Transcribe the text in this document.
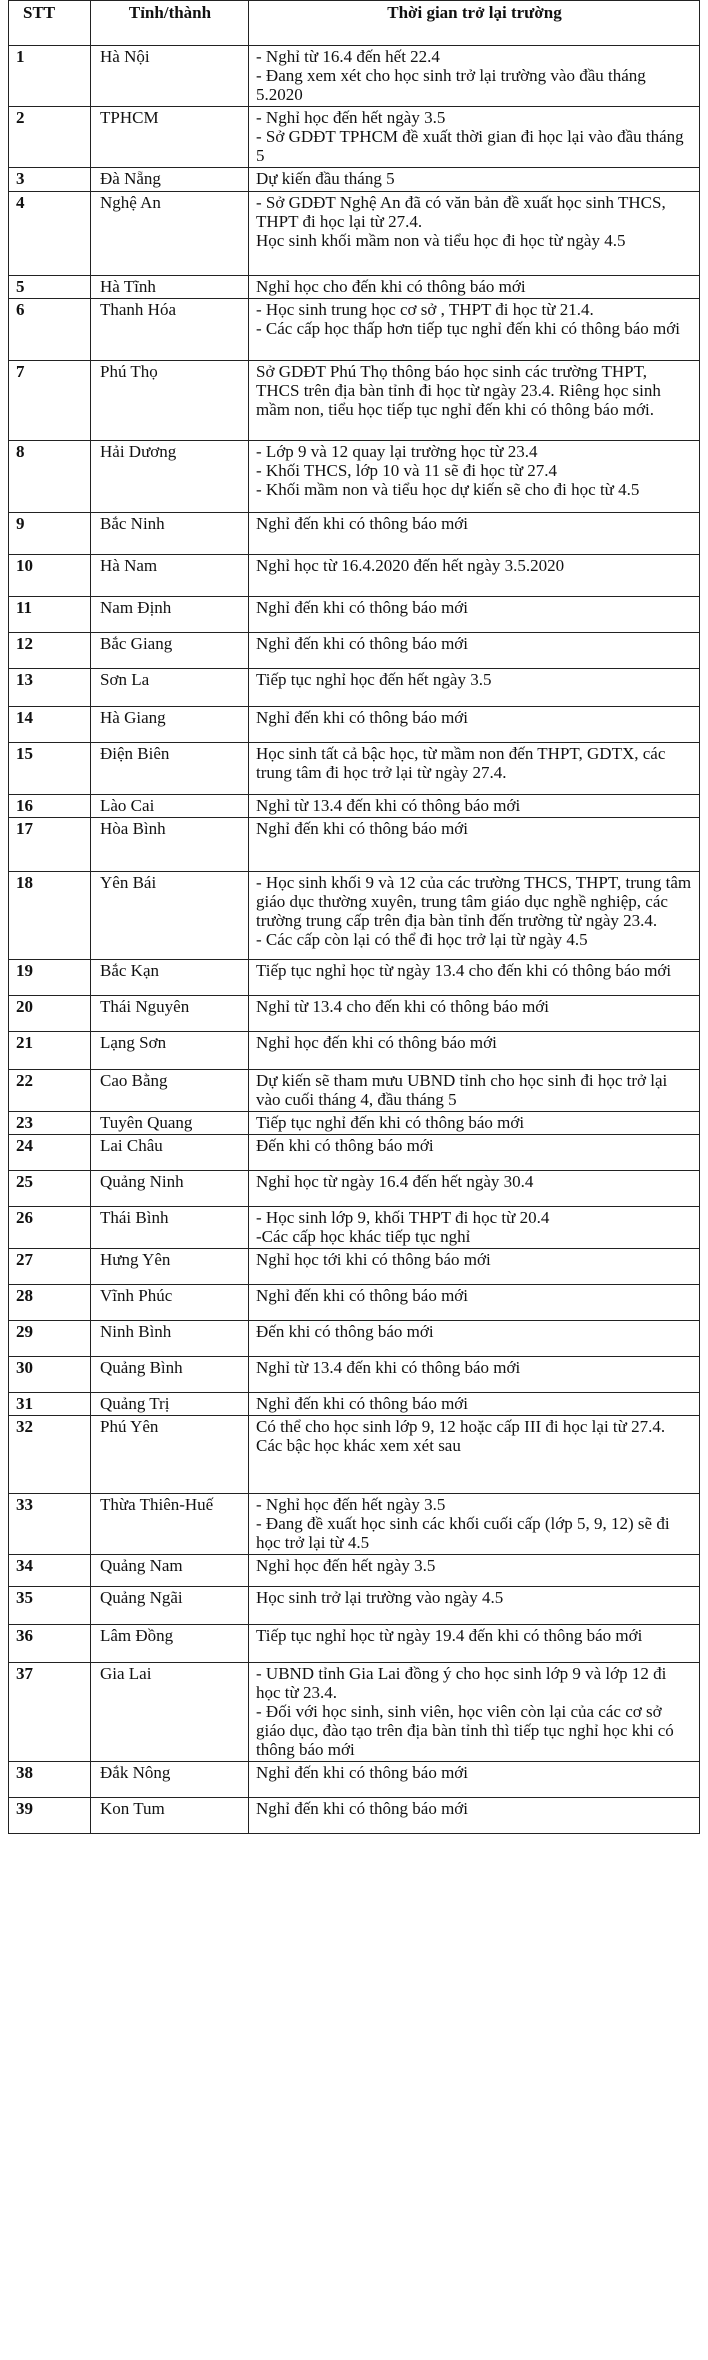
STT	Tỉnh/thành	Thời gian trở lại trường
1	Hà Nội	- Nghỉ từ 16.4 đến hết 22.4
- Đang xem xét cho học sinh trở lại trường vào đầu tháng 5.2020

2	TPHCM	- Nghỉ học đến hết ngày 3.5
- Sở GDĐT TPHCM đề xuất thời gian đi học lại vào đầu tháng 5

3	Đà Nẵng	Dự kiến đầu tháng 5

4	Nghệ An	- Sở GDĐT Nghệ An đã có văn bản đề xuất học sinh THCS, THPT đi học lại từ 27.4.
Học sinh khối mầm non và tiểu học đi học từ ngày 4.5

5	Hà Tĩnh	Nghỉ học cho đến khi có thông báo mới

6	Thanh Hóa	- Học sinh trung học cơ sở , THPT đi học từ 21.4.
- Các cấp học thấp hơn tiếp tục nghỉ đến khi có thông báo mới

7	Phú Thọ	Sở GDĐT Phú Thọ thông báo học sinh các trường THPT, THCS trên địa bàn tỉnh đi học từ ngày 23.4. Riêng học sinh mầm non, tiểu học tiếp tục nghỉ đến khi có thông báo mới.

8	Hải Dương	- Lớp 9 và 12 quay lại trường học từ 23.4
- Khối THCS, lớp 10 và 11 sẽ đi học từ 27.4
- Khối mầm non và tiểu học dự kiến sẽ cho đi học từ 4.5

9	Bắc Ninh	Nghỉ đến khi có thông báo mới

10	Hà Nam	Nghỉ học từ 16.4.2020 đến hết ngày 3.5.2020

11	Nam Định	Nghỉ đến khi có thông báo mới

12	Bắc Giang	Nghỉ đến khi có thông báo mới

13	Sơn La	Tiếp tục nghỉ học đến hết ngày 3.5

14	Hà Giang	Nghỉ đến khi có thông báo mới

15	Điện Biên	Học sinh tất cả bậc học, từ mầm non đến THPT, GDTX, các trung tâm đi học trở lại từ ngày 27.4.

16	Lào Cai	Nghỉ từ 13.4 đến khi có thông báo mới

17	Hòa Bình	Nghỉ đến khi có thông báo mới

18	Yên Bái	- Học sinh khối 9 và 12 của các trường THCS, THPT, trung tâm giáo dục thường xuyên, trung tâm giáo dục nghề nghiệp, các trường trung cấp trên địa bàn tỉnh đến trường từ ngày 23.4.
- Các cấp còn lại có thể đi học trở lại từ ngày 4.5

19	Bắc Kạn	Tiếp tục nghỉ học từ ngày 13.4 cho đến khi có thông báo mới

20	Thái Nguyên	Nghỉ từ 13.4 cho đến khi có thông báo mới

21	Lạng Sơn	Nghỉ học đến khi có thông báo mới

22	Cao Bằng	Dự kiến sẽ tham mưu UBND tỉnh cho học sinh đi học trở lại vào cuối tháng 4, đầu tháng 5

23	Tuyên Quang	Tiếp tục nghỉ đến khi có thông báo mới

24	Lai Châu	Đến khi có thông báo mới

25	Quảng Ninh	Nghỉ học từ ngày 16.4 đến hết ngày 30.4

26	Thái Bình	- Học sinh lớp 9, khối THPT đi học từ 20.4
-Các cấp học khác tiếp tục nghỉ

27	Hưng Yên	Nghỉ học tới khi có thông báo mới

28	Vĩnh Phúc	Nghỉ đến khi có thông báo mới

29	Ninh Bình	Đến khi có thông báo mới

30	Quảng Bình	Nghỉ từ 13.4 đến khi có thông báo mới

31	Quảng Trị	Nghỉ đến khi có thông báo mới

32	Phú Yên	Có thể cho học sinh lớp 9, 12 hoặc cấp III đi học lại từ 27.4.
Các bậc học khác xem xét sau

33	Thừa Thiên-Huế	- Nghỉ học đến hết ngày 3.5
- Đang đề xuất học sinh các khối cuối cấp (lớp 5, 9, 12) sẽ đi học trở lại từ 4.5

34	Quảng Nam	Nghỉ học đến hết ngày 3.5

35	Quảng Ngãi	Học sinh trở lại trường vào ngày 4.5

36	Lâm Đồng	Tiếp tục nghỉ học từ ngày 19.4 đến khi có thông báo mới

37	Gia Lai	- UBND tỉnh Gia Lai đồng ý cho học sinh lớp 9 và lớp 12 đi học từ 23.4.
- Đối với học sinh, sinh viên, học viên còn lại của các cơ sở giáo dục, đào tạo trên địa bàn tỉnh thì tiếp tục nghỉ học khi có thông báo mới

38	Đắk Nông	Nghỉ đến khi có thông báo mới

39	Kon Tum	Nghỉ đến khi có thông báo mới
